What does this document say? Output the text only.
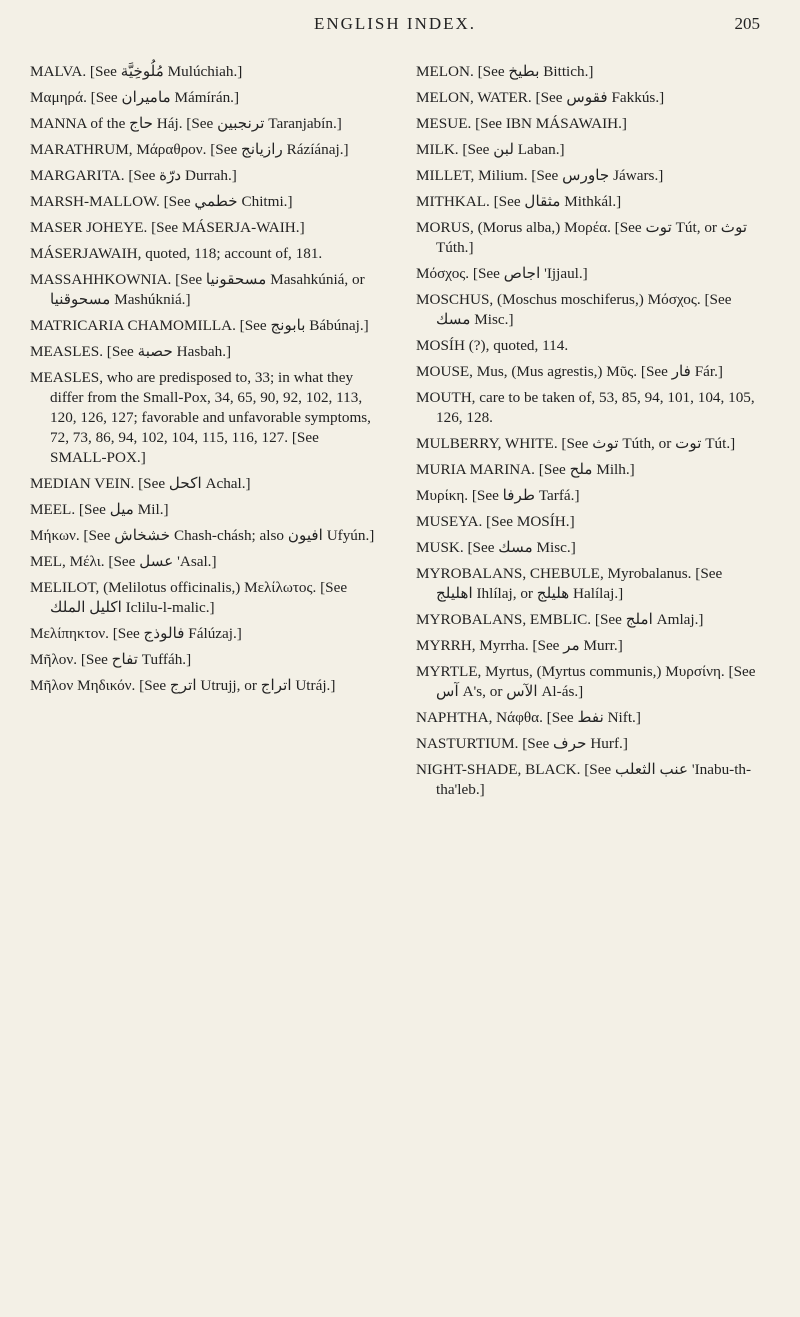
ENGLISH INDEX.	205

MALVA. [See مُلُوخِيَّة Mulúchiah.]

Μαμηρά. [See ماميران Mámírán.]

MANNA of the حاج Háj. [See ترنجبين Taranjabín.]

MARATHRUM, Μάραθρον. [See رازيانج Rázíánaj.]

MARGARITA. [See درّة Durrah.]

MARSH-MALLOW. [See خطمي Chitmi.]

MASER JOHEYE. [See MÁSERJA-WAIH.]

MÁSERJAWAIH, quoted, 118; account of, 181.

MASSAHHKOWNIA. [See مسحقونيا Masahkúniá, or مسحوقنيا Mashúkniá.]

MATRICARIA CHAMOMILLA. [See بابونج Bábúnaj.]

MEASLES. [See حصبة Hasbah.]

MEASLES, who are predisposed to, 33; in what they differ from the Small-Pox, 34, 65, 90, 92, 102, 113, 120, 126, 127; favorable and unfavorable symptoms, 72, 73, 86, 94, 102, 104, 115, 116, 127. [See SMALL-POX.]

MEDIAN VEIN. [See اكحل Achal.]

MEEL. [See ميل Mil.]

Μήκων. [See خشخاش Chash-chásh; also افيون Ufyún.]

MEL, Μέλι. [See عسل 'Asal.]

MELILOT, (Melilotus officinalis,) Μελίλωτος. [See اكليل الملك Iclilu-l-malic.]

Μελίπηκτον. [See فالوذج Fálúzaj.]

Μῆλον. [See تفاح Tuffáh.]

Μῆλον Μηδικόν. [See اترج Utrujj, or اتراج Utráj.]

MELON. [See بطيخ Bittich.]

MELON, WATER. [See فقوس Fakkús.]

MESUE. [See IBN MÁSAWAIH.]

MILK. [See لبن Laban.]

MILLET, Milium. [See جاورس Jáwars.]

MITHKAL. [See مثقال Mithkál.]

MORUS, (Morus alba,) Μορέα. [See توت Tút, or توث Túth.]

Μόσχος. [See اجاص 'Ijjaul.]

MOSCHUS, (Moschus moschiferus,) Μόσχος. [See مسك Misc.]

MOSÍH (?), quoted, 114.

MOUSE, Mus, (Mus agrestis,) Μῦς. [See فار Fár.]

MOUTH, care to be taken of, 53, 85, 94, 101, 104, 105, 126, 128.

MULBERRY, WHITE. [See توث Túth, or توت Tút.]

MURIA MARINA. [See ملح Milh.]

Μυρίκη. [See طرفا Tarfá.]

MUSEYA. [See MOSÍH.]

MUSK. [See مسك Misc.]

MYROBALANS, CHEBULE, Myrobalanus. [See اهليلج Ihlílaj, or هليلج Halílaj.]

MYROBALANS, EMBLIC. [See املج Amlaj.]

MYRRH, Myrrha. [See مر Murr.]

MYRTLE, Myrtus, (Myrtus communis,) Μυρσίνη. [See آس A's, or الآس Al-ás.]

NAPHTHA, Νάφθα. [See نفط Nift.]

NASTURTIUM. [See حرف Hurf.]

NIGHT-SHADE, BLACK. [See عنب الثعلب 'Inabu-th-tha'leb.]
